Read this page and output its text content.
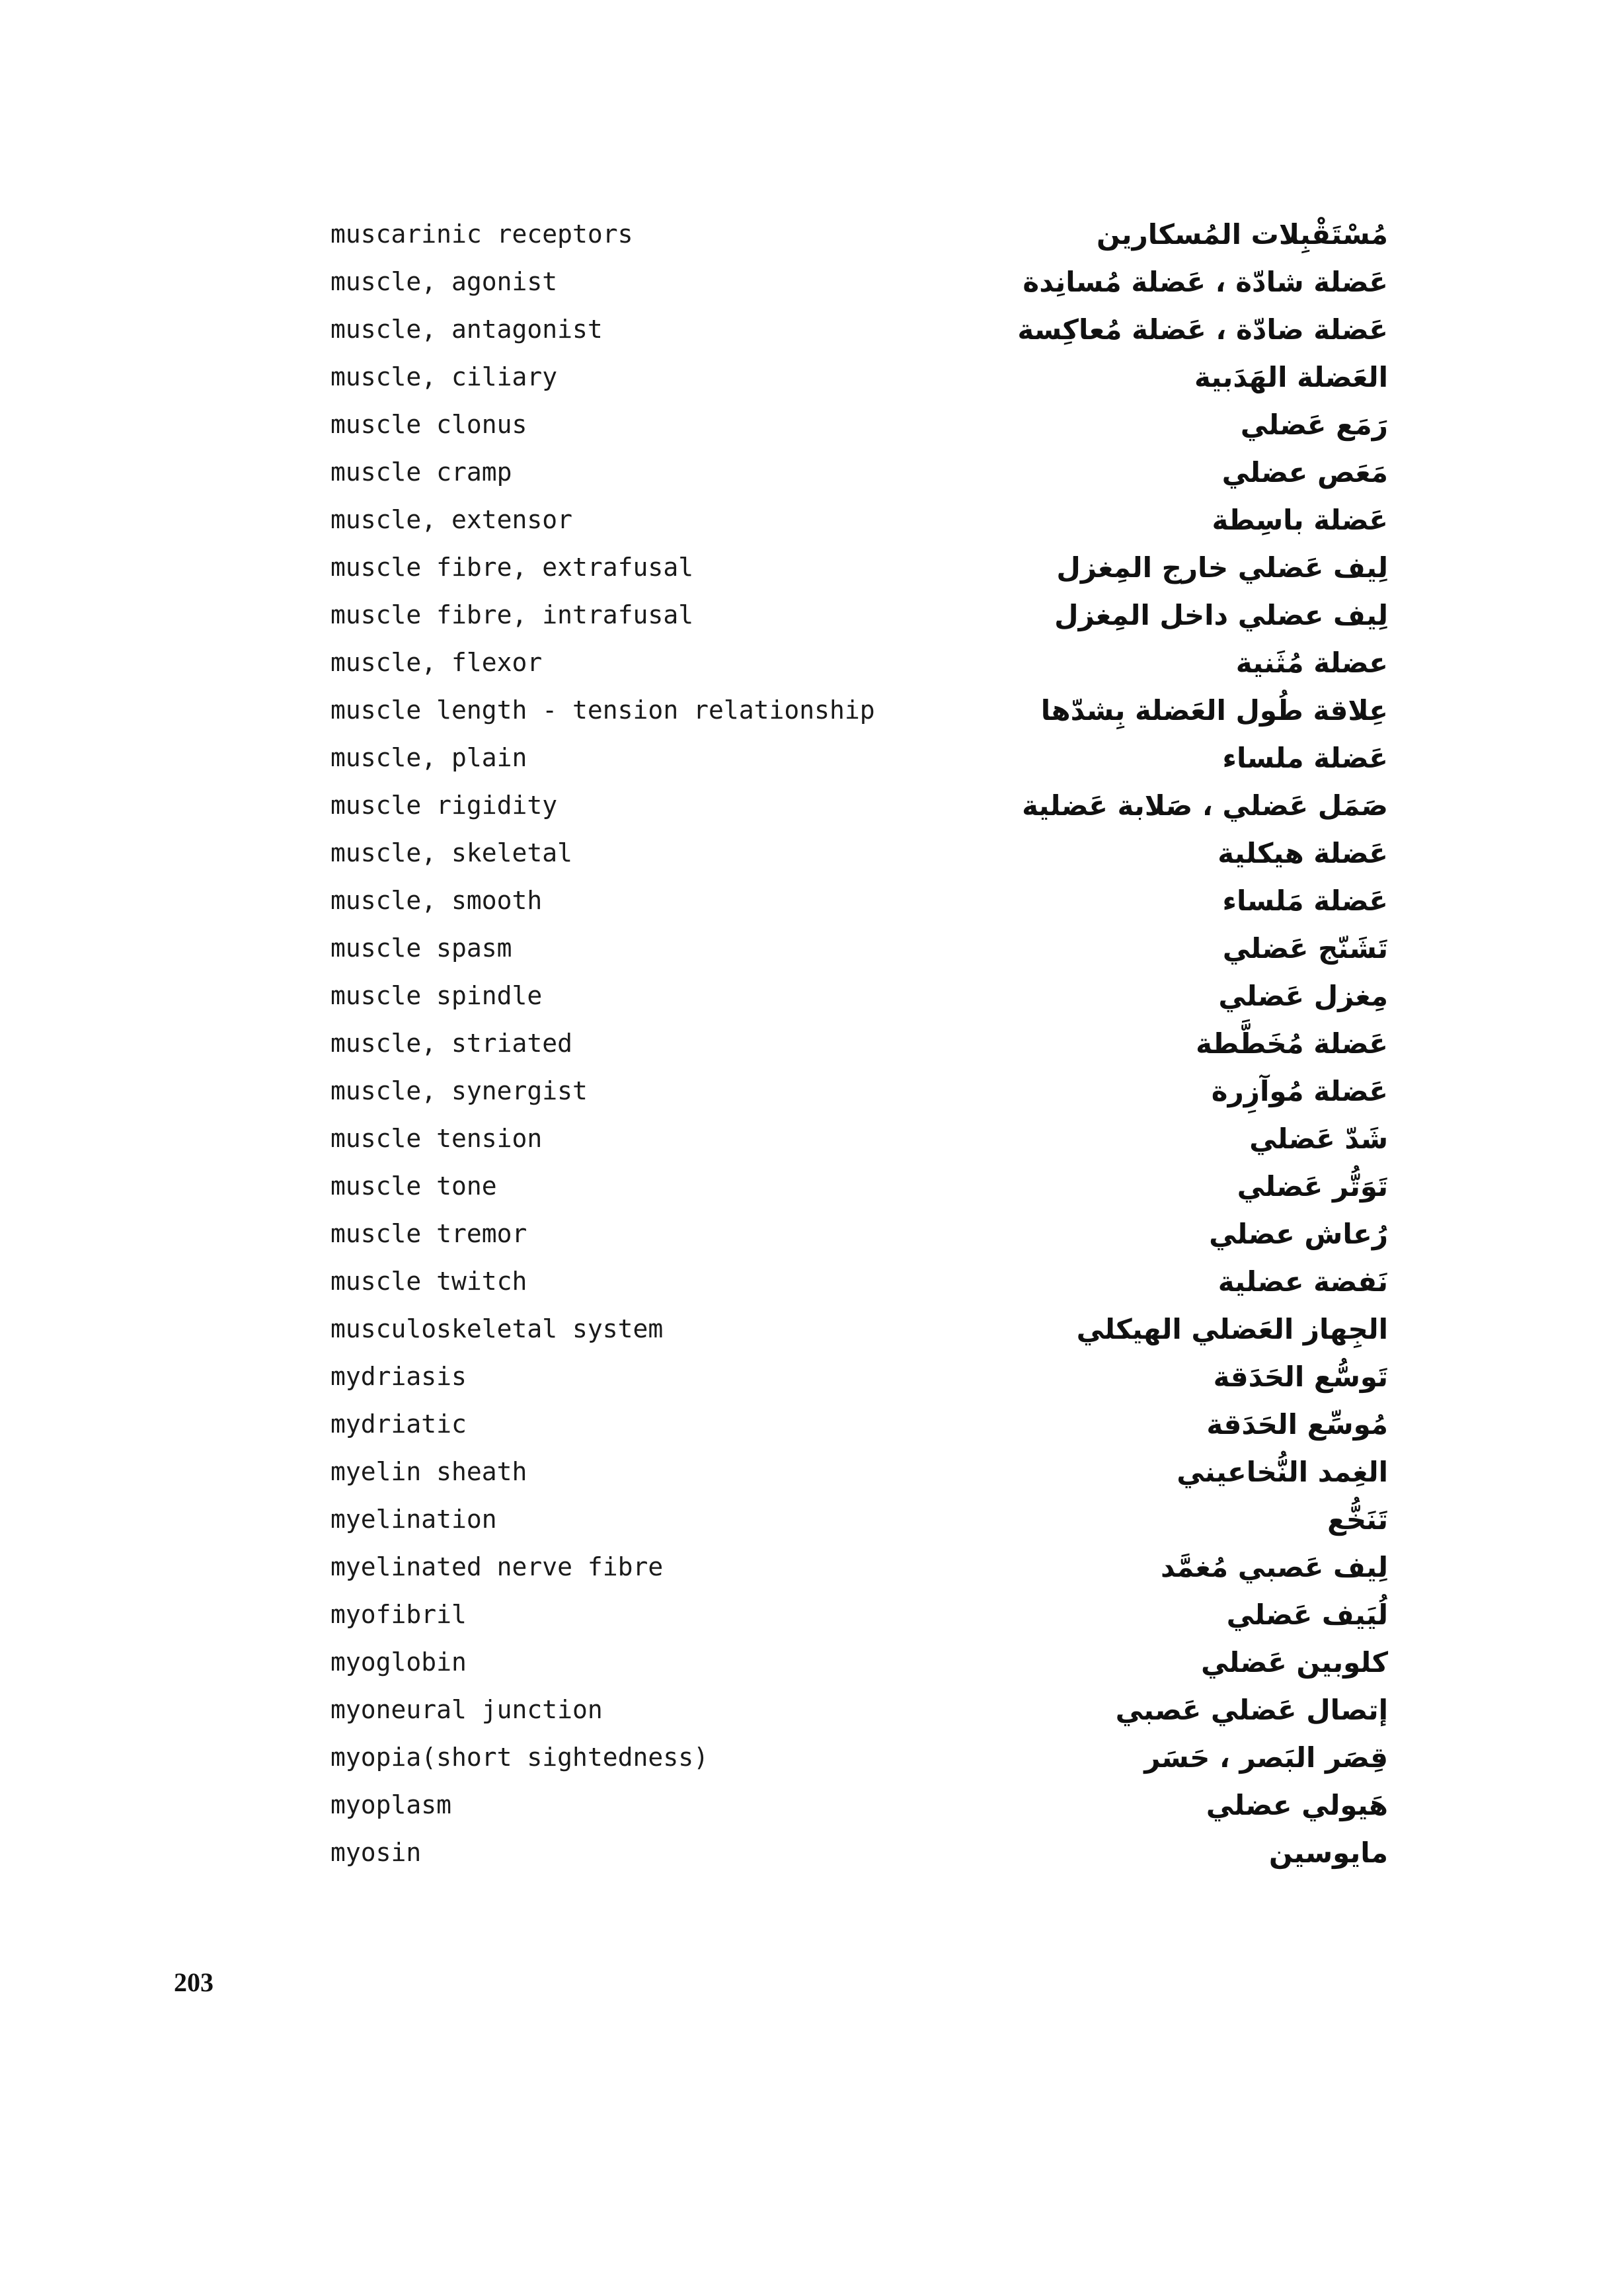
muscarinic receptors	مُسْتَقْبِلات المُسكارين
muscle, agonist	عَضلة شادّة ، عَضلة مُسانِدة
muscle, antagonist	عَضلة ضادّة ، عَضلة مُعاكِسة
muscle, ciliary	العَضلة الهَدَبية
muscle clonus	رَمَع عَضلي
muscle cramp	مَعَص عضلي
muscle, extensor	عَضلة باسِطة
muscle fibre, extrafusal	لِيف عَضلي خارج المِغزل
muscle fibre, intrafusal	لِيف عضلي داخل المِغزل
muscle, flexor	عضلة مُثَنية
muscle length - tension relationship	عِلاقة طُول العَضلة بِشدّها
muscle, plain	عَضلة ملساء
muscle rigidity	صَمَل عَضلي ، صَلابة عَضلية
muscle, skeletal	عَضلة هيكلية
muscle, smooth	عَضلة مَلساء
muscle spasm	تَشَنّج عَضلي
muscle spindle	مِغزل عَضلي
muscle, striated	عَضلة مُخَطَّطة
muscle, synergist	عَضلة مُوآزِرة
muscle tension	شَدّ عَضلي
muscle tone	تَوَتُّر عَضلي
muscle tremor	رُعاش عضلي
muscle twitch	نَفضة عضلية
musculoskeletal system	الجِهاز العَضلي الهيكلي
mydriasis	تَوسُّع الحَدَقة
mydriatic	مُوسِّع الحَدَقة
myelin sheath	الغِمد النُّخاعيني
myelination	تَنَخُّع
myelinated nerve fibre	لِيف عَصبي مُغمَّد
myofibril	لُيَيف عَضلي
myoglobin	كلوبين عَضلي
myoneural junction	إتصال عَضلي عَصبي
myopia(short sightedness)	قِصَر البَصر ، حَسَر
myoplasm	هَيولي عضلي
myosin	مايوسين
203
